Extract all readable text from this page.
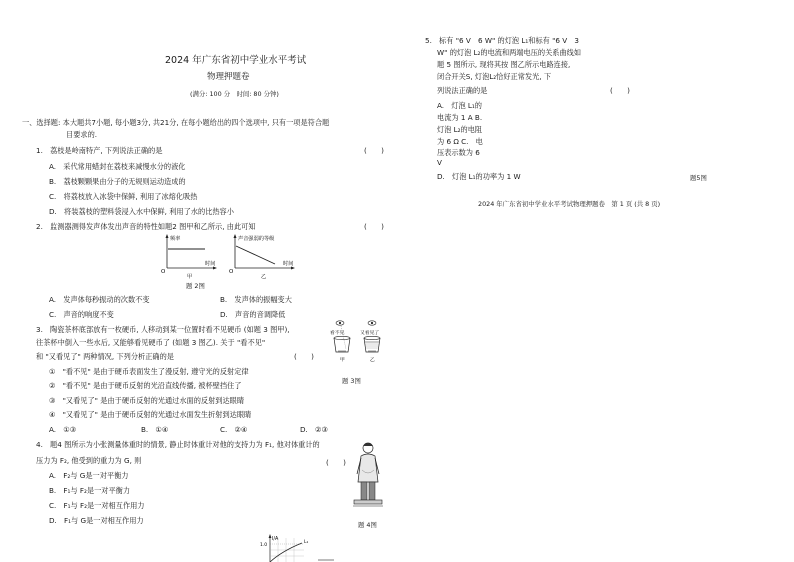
2024 年广东省初中学业水平考试
物理押题卷
(满分: 100 分　时间: 80 分钟)
一、选择题: 本大题共7小题, 每小题3分, 共21分, 在每小题给出的四个选项中, 只有一项是符合题
目要求的.
1.　荔枝是岭南特产, 下列说法正确的是	(　　)
A.　采代常用蜡封在荔枝来减慢水分的液化
B.　荔枝颗颗果由分子的无规则运动造成的
C.　将荔枝放入冰袋中保鲜, 利用了冰熔化吸热
D.　将装荔枝的塑料袋浸入水中保鲜, 利用了水的比热容小
2.　监测器测得发声体发出声音的特性如题2 图甲和乙所示, 由此可知	(　　)
频率
时间
O
甲
声音强弱的等级
时间
O
乙
题 2图
A.　发声体每秒振动的次数不变	B.　发声体的振幅变大
C.　声音的响度不变	D.　声音的音调降低
3.　陶瓷茶杯底部放有一枚硬币, 人移动到某一位置时看不见硬币 (如题 3 图甲),
往茶杯中倒入一些水后, 又能够看见硬币了 (如题 3 图乙). 关于 "看不见"
和 "又看见了" 两种情况, 下列分析正确的是	(　　)
看不见
甲
又看见了
乙
题 3图
①　"看不见" 是由于硬币表面发生了漫反射, 遵守光的反射定律
②　"看不见" 是由于硬币反射的光沿直线传播, 被杯壁挡住了
③　"又看见了" 是由于硬币反射的光通过水面的反射到达眼睛
④　"又看见了" 是由于硬币反射的光通过水面发生折射到达眼睛
A.　①③	B.　①④	C.　②④	D.　②③
4.　题4 图所示为小张测量体重时的情景, 静止时体重计对他的支持力为 F₁, 他对体重计的
压力为 F₂, 他受到的重力为 G, 则	(　　)
A.　F₂与 G是一对平衡力
B.　F₁与 F₂是一对平衡力
C.　F₁与 F₂是一对相互作用力
D.　F₁与 G是一对相互作用力	题 4图
I/A
1.0
L₁
5.　标有 "6 V　6 W" 的灯泡 L₁和标有 "6 V　3
W" 的灯泡 L₂的电流和两端电压的关系曲线如
题 5 图所示, 现将其按 图乙所示电路连接,
闭合开关S, 灯泡L₂恰好正常发光, 下
列说法正确的是	(　　)
A.　灯泡 L₁的
电流为 1 A B.
灯泡 L₂的电阻
为 6 Ω C.　电
压表示数为 6
V
D.　灯泡 L₁的功率为 1 W	题5图
2024 年广东省初中学业水平考试物理押题卷　第 1 页 (共 8 页)
